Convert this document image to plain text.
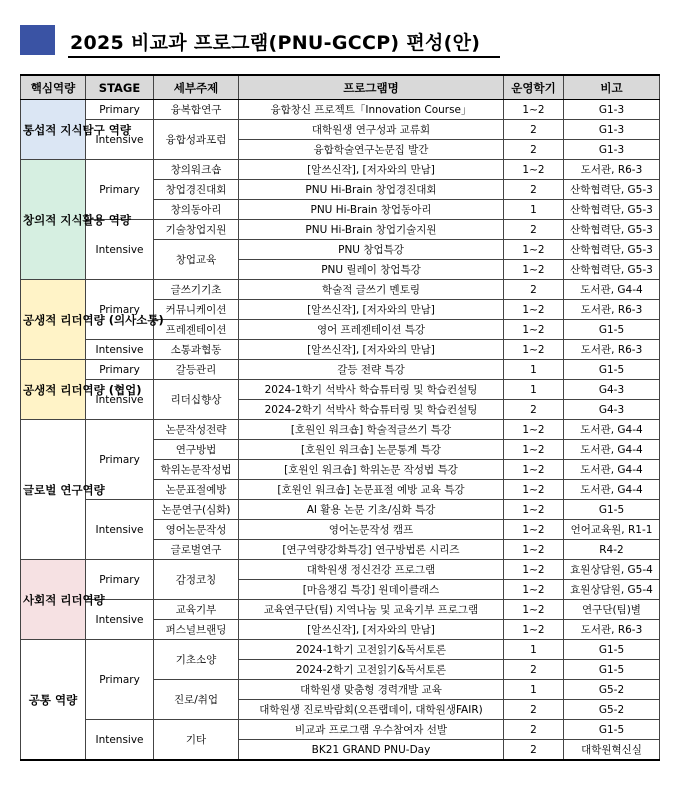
2025 비교과 프로그램(PNU-GCCP) 편성(안)
핵심역량	STAGE	세부주제	프로그램명	운영학기	비고
통섭적 지식탐구 역량	Primary	융복합연구	융합창신 프로젝트「Innovation Course」	1~2	G1-3
	Intensive	융합성과포럼	대학원생 연구성과 교류회	2	G1-3
			융합학술연구논문집 발간	2	G1-3
창의적 지식활용 역량	Primary	창의워크숍	[알쓰신작], [저자와의 만남]	1~2	도서관, R6-3
		창업경진대회	PNU Hi-Brain 창업경진대회	2	산학협력단, G5-3
		창의동아리	PNU Hi-Brain 창업동아리	1	산학협력단, G5-3
	Intensive	기술창업지원	PNU Hi-Brain 창업기술지원	2	산학협력단, G5-3
		창업교육	PNU 창업특강	1~2	산학협력단, G5-3
			PNU 릴레이 창업특강	1~2	산학협력단, G5-3
공생적 리더역량 (의사소통)	Primary	글쓰기기초	학술적 글쓰기 멘토링	2	도서관, G4-4
		커뮤니케이션	[알쓰신작], [저자와의 만남]	1~2	도서관, R6-3
		프레젠테이션	영어 프레젠테이션 특강	1~2	G1-5
	Intensive	소통과협동	[알쓰신작], [저자와의 만남]	1~2	도서관, R6-3
공생적 리더역량 (협업)	Primary	갈등관리	갈등 전략 특강	1	G1-5
	Intensive	리더십향상	2024-1학기 석박사 학습튜터링 및 학습컨설팅	1	G4-3
			2024-2학기 석박사 학습튜터링 및 학습컨설팅	2	G4-3
글로벌 연구역량	Primary	논문작성전략	[호원인 워크숍] 학술적글쓰기 특강	1~2	도서관, G4-4
		연구방법	[호원인 워크숍] 논문통계 특강	1~2	도서관, G4-4
		학위논문작성법	[호원인 워크숍] 학위논문 작성법 특강	1~2	도서관, G4-4
		논문표절예방	[호원인 워크숍] 논문표절 예방 교육 특강	1~2	도서관, G4-4
	Intensive	논문연구(심화)	AI 활용 논문 기초/심화 특강	1~2	G1-5
		영어논문작성	영어논문작성 캠프	1~2	언어교육원, R1-1
		글로벌연구	[연구역량강화특강] 연구방법론 시리즈	1~2	R4-2
사회적 리더역량	Primary	감정코칭	대학원생 정신건강 프로그램	1~2	효원상담원, G5-4
			[마음챙김 특강] 원데이클래스	1~2	효원상담원, G5-4
	Intensive	교육기부	교육연구단(팀) 지역나눔 및 교육기부 프로그램	1~2	연구단(팀)별
		퍼스널브랜딩	[알쓰신작], [저자와의 만남]	1~2	도서관, R6-3
공통 역량	Primary	기초소양	2024-1학기 고전읽기&독서토론	1	G1-5
			2024-2학기 고전읽기&독서토론	2	G1-5
		진로/취업	대학원생 맞춤형 경력개발 교육	1	G5-2
			대학원생 진로박람회(오픈랩데이, 대학원생FAIR)	2	G5-2
	Intensive	기타	비교과 프로그램 우수참여자 선발	2	G1-5
			BK21 GRAND PNU-Day	2	대학원혁신실
